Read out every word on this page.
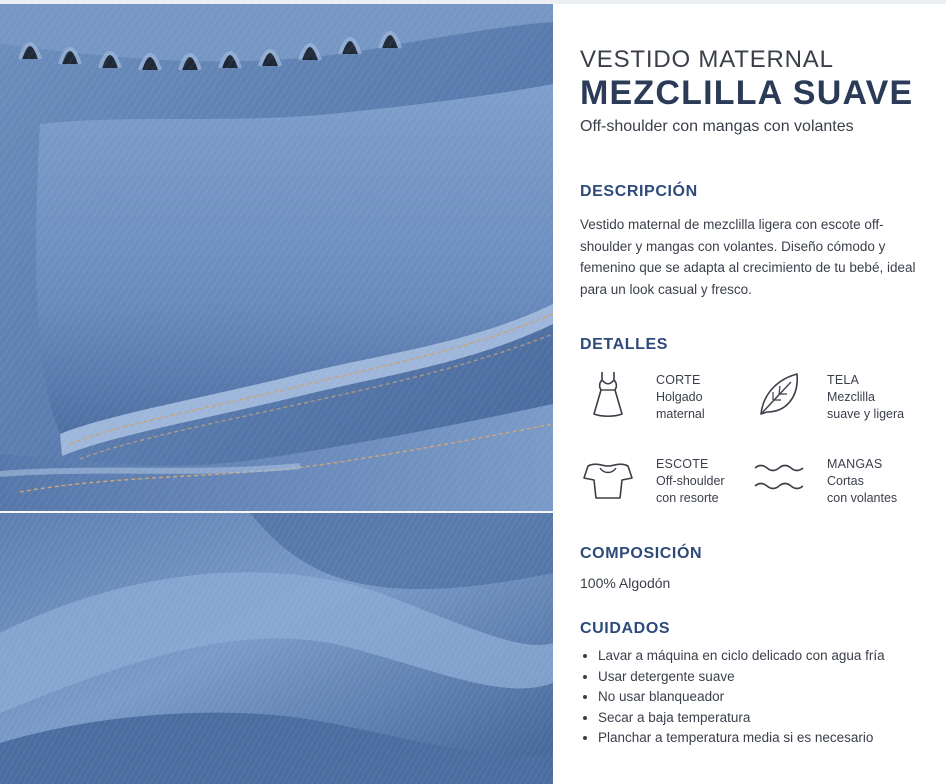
VESTIDO MATERNAL
MEZCLILLA SUAVE
Off-shoulder con mangas con volantes
DESCRIPCIÓN
Vestido maternal de mezclilla ligera con escote off-shoulder y mangas con volantes. Diseño cómodo y femenino que se adapta al crecimiento de tu bebé, ideal para un look casual y fresco.
DETALLES
CORTE
Holgado
maternal
TELA
Mezclilla
suave y ligera
ESCOTE
Off-shoulder
con resorte
MANGAS
Cortas
con volantes
COMPOSICIÓN
100% Algodón
CUIDADOS
• Lavar a máquina en ciclo delicado con agua fría
• Usar detergente suave
• No usar blanqueador
• Secar a baja temperatura
• Planchar a temperatura media si es necesario
